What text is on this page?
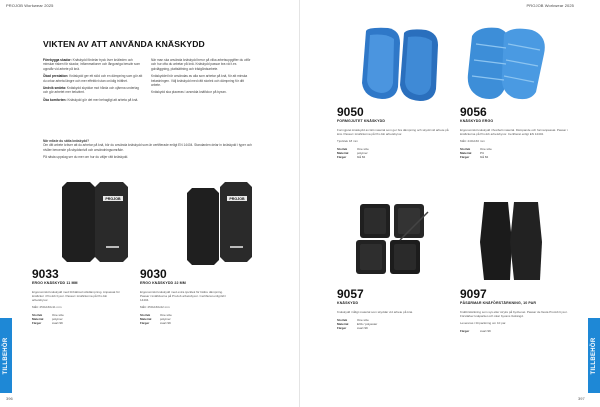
PROJOB Workwear 2025	PROJOB Workwear 2025
VIKTEN AV ATT ANVÄNDA KNÄSKYDD

Förebygga skador: Knäskydd fördelar tryck över knäleden och minskar risken för skador, inflammationer och långvariga besvär som uppstår vid arbete på knä.

Ökad prestation: Knäskydd ger ett stöd och en dämpning som gör att du orkar arbeta längre och mer effektivt utan onödig trötthet.

Undvik smärta: Knäskydd skyddar mot hårda och ojämna underlag och gör arbetet mer bekvämt.

Öka komforten: Knäskydd gör det mer behagligt att arbeta på knä.

När man ska använda knäskydd beror på vilka arbetsuppgifter du utför och hur ofta du arbetar på knä. Knäskydd passar bra vid t.ex. golvläggning, plattsättning och trädgårdsarbete.

Knäskyddet bör användas av alla som arbetar på knä, för att minska belastningen. Välj knäskydd med rätt storlek och dämpning för ditt arbete.

Knäskydd ska placeras i avsedda knäfickor på byxan.

När måste du sätta knäskydd?

Om ditt arbete kräver att du arbetar på knä, bör du använda knäskydd som är certifierade enligt EN 14404. Standarden delar in knäskydd i typer och nivåer beroende på skyddsnivå och användningsområde.

På nästa uppslag ser du mer om hur du väljer rätt knäskydd.

PROJOB	PROJOB
9033
ERGO KNÄSKYDD 11 MM
Ergonomiskt knäskydd med förbättrad stötdämpning. Anpassat för knäfickor i ProJob byxor. Passar i knäfickorna på ProJob arbetsbyxor.
Mått: 250x160x11 mm
Storlek	One size
Material	polymer
Färger	svart 99
9030
ERGO KNÄSKYDD 22 MM
Ergonomiskt knäskydd med extra tjocklek för bättre dämpning. Passar i knäfickorna på ProJob arbetsbyxor. Certifierat enligt EN 14404.
Mått: 250x160x22 mm
Storlek	One size
Material	polymer
Färger	svart 99
9050
FORMGJUTET KNÄSKYDD
Formgjutet knäskydd av lätt material som ger bra dämpning och skydd vid arbete på knä. Passar i knäfickorna på ProJob arbetsbyxor.
Tjocklek 18 mm
Storlek	One size
Material	polymer
Färger	blå 84
9056
KNÄSKYDD ERGO
Ergonomiskt knäskydd i flexibelt material. Dämpande och formanpassat. Passar i knäfickorna på ProJob arbetsbyxor. Certifierat enligt EN 14404.
Mått: 240x160 mm
Storlek	One size
Material	PU
Färger	blå 84
9057
KNÄSKYDD
Knäskydd i tåligt material som skyddar vid arbete på knä.
Storlek	One size
Material	EVA / polyester
Färger	svart 99
9097
PÅSÄRMAR KNÄFÖRSTÄRKNING, 10 PAR
Knäförstärkning som sys eller stryks på byxbenet. Passar de flesta ProJob byxor. Förstärker knäpartiet och ökar byxans livslängd.
Levereras i förpackning om 10 par.
Färger	svart 99
TILLBEHÖR	TILLBEHÖR
396	397
